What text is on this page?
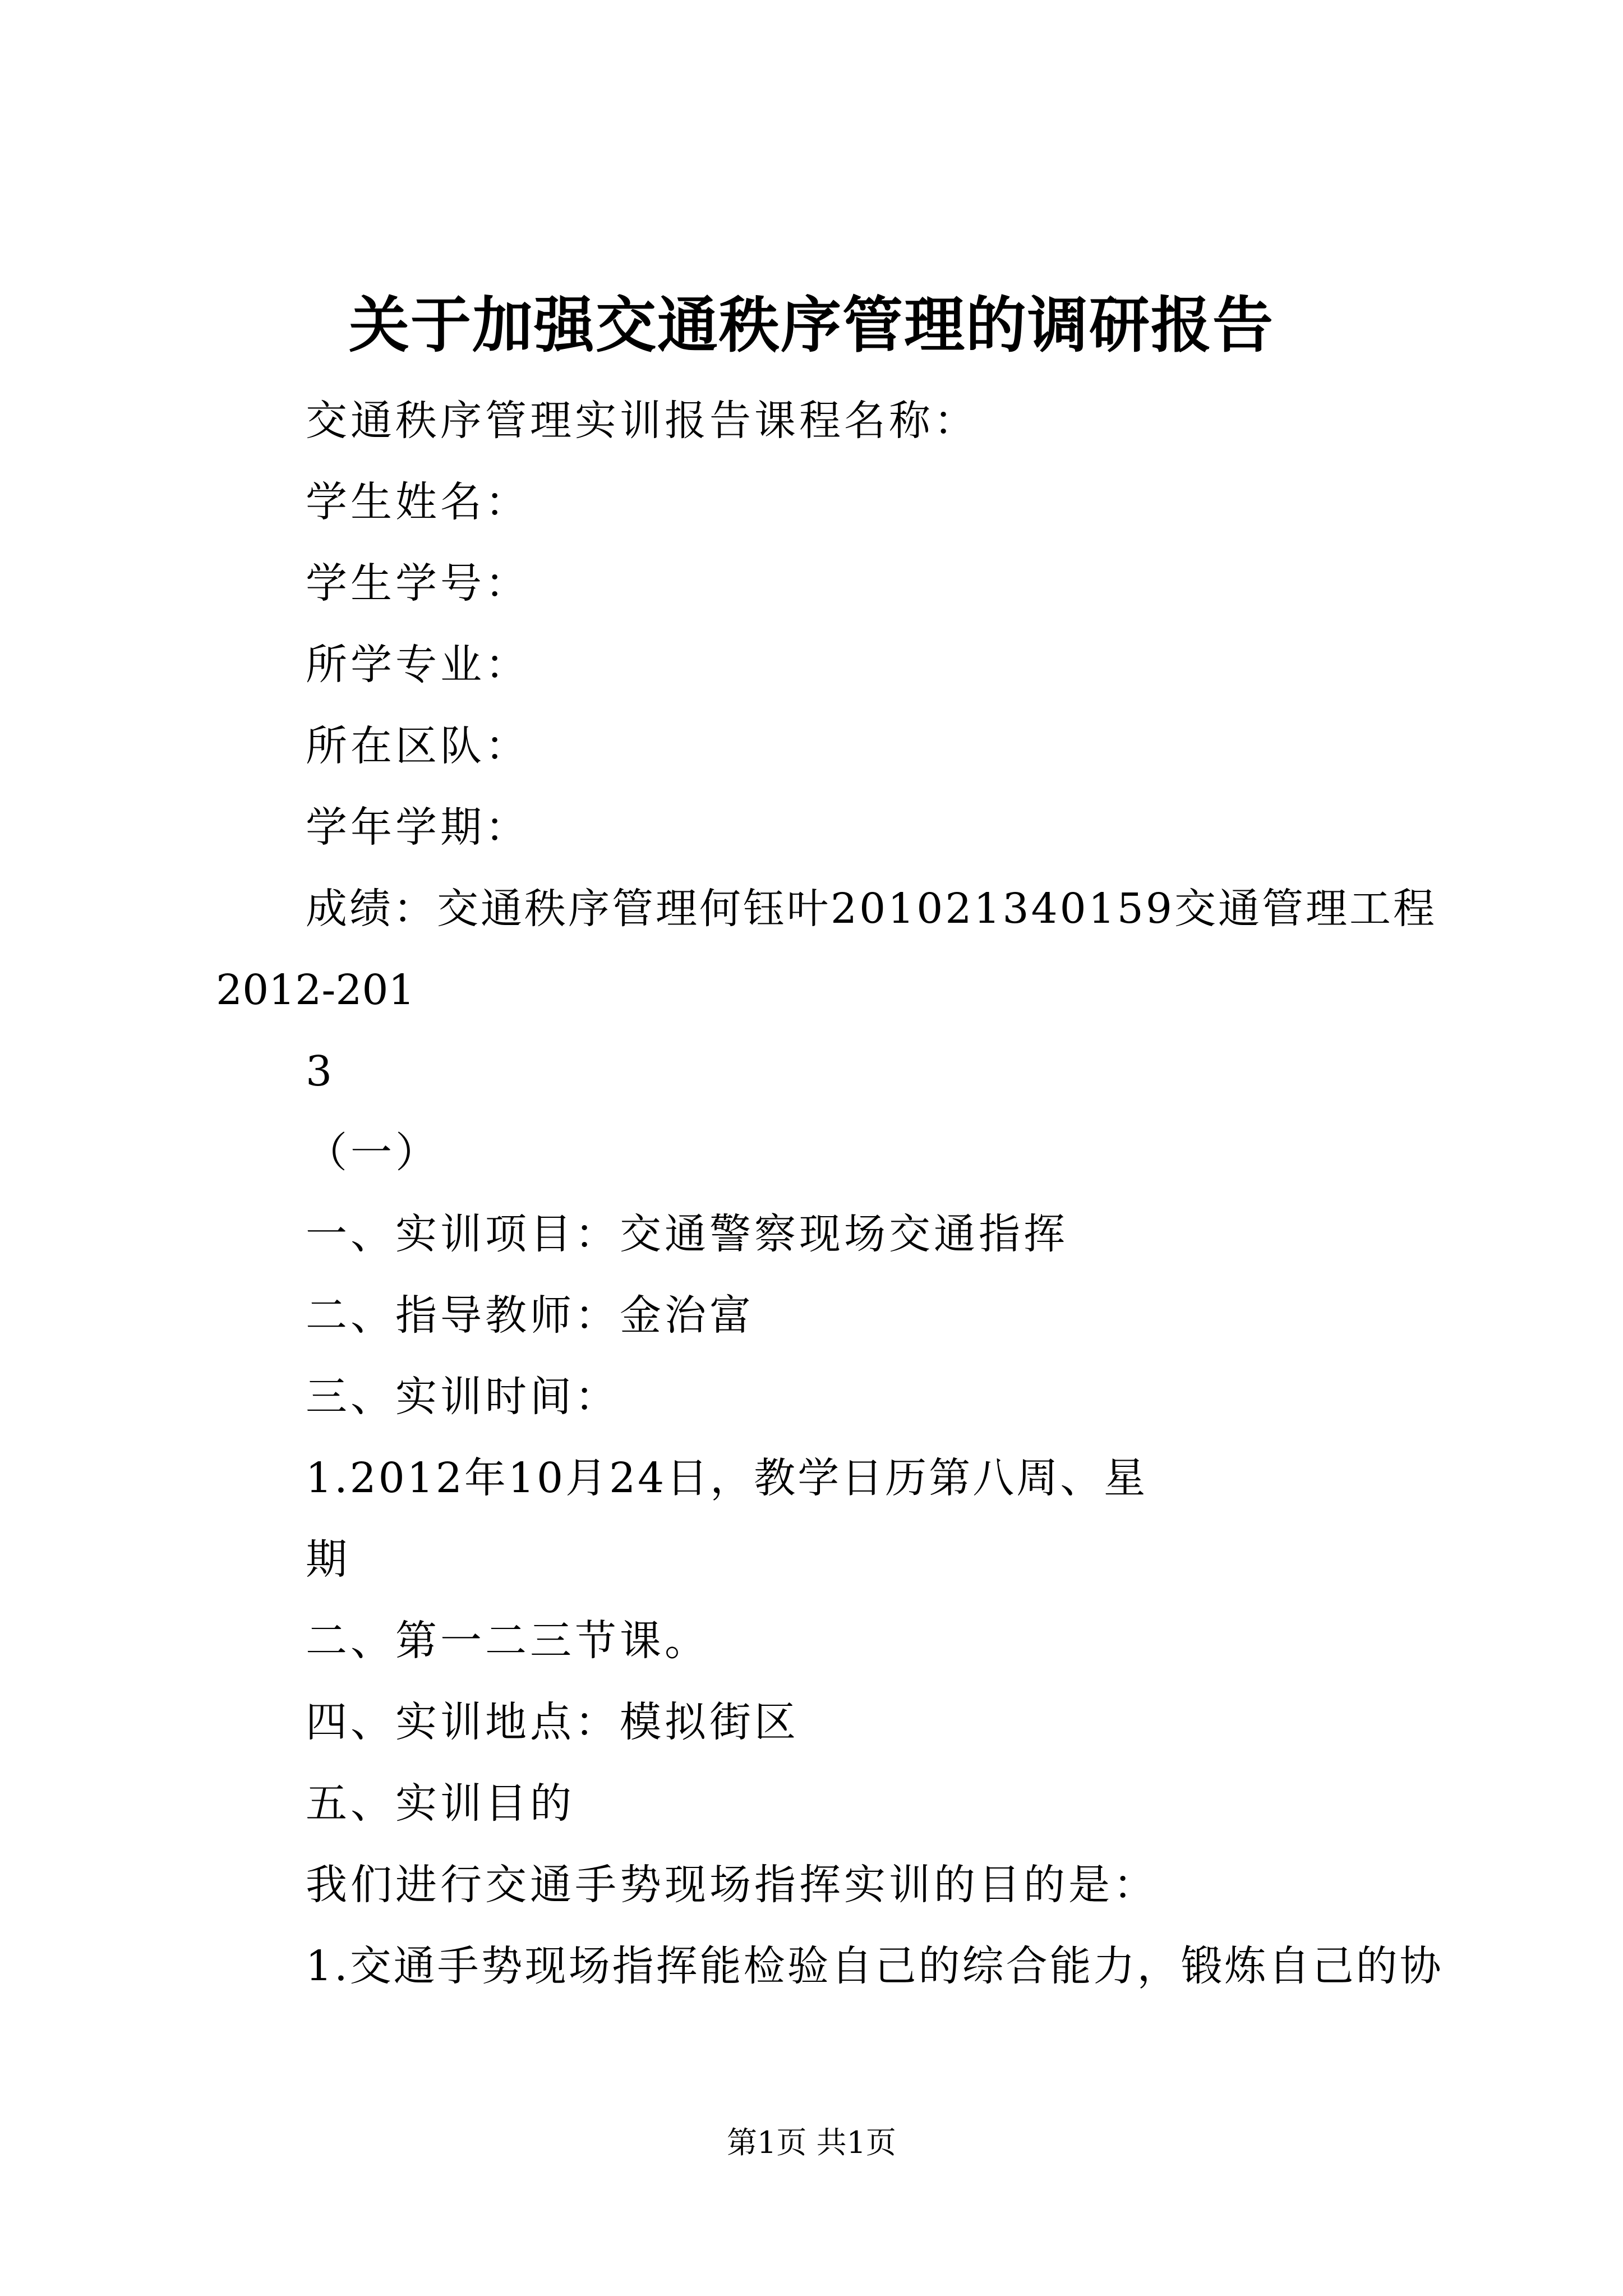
关于加强交通秩序管理的调研报告
交通秩序管理实训报告课程名称：
学生姓名：
学生学号：
所学专业：
所在区队：
学年学期：
成绩：交通秩序管理何钰叶201021340159交通管理工程
2012-201
3
（一）
一、实训项目：交通警察现场交通指挥
二、指导教师：金治富
三、实训时间：
1.2012年10月24日，教学日历第八周、星
期
二、第一二三节课。
四、实训地点：模拟街区
五、实训目的
我们进行交通手势现场指挥实训的目的是：
1.交通手势现场指挥能检验自己的综合能力，锻炼自己的协
第1页 共1页
